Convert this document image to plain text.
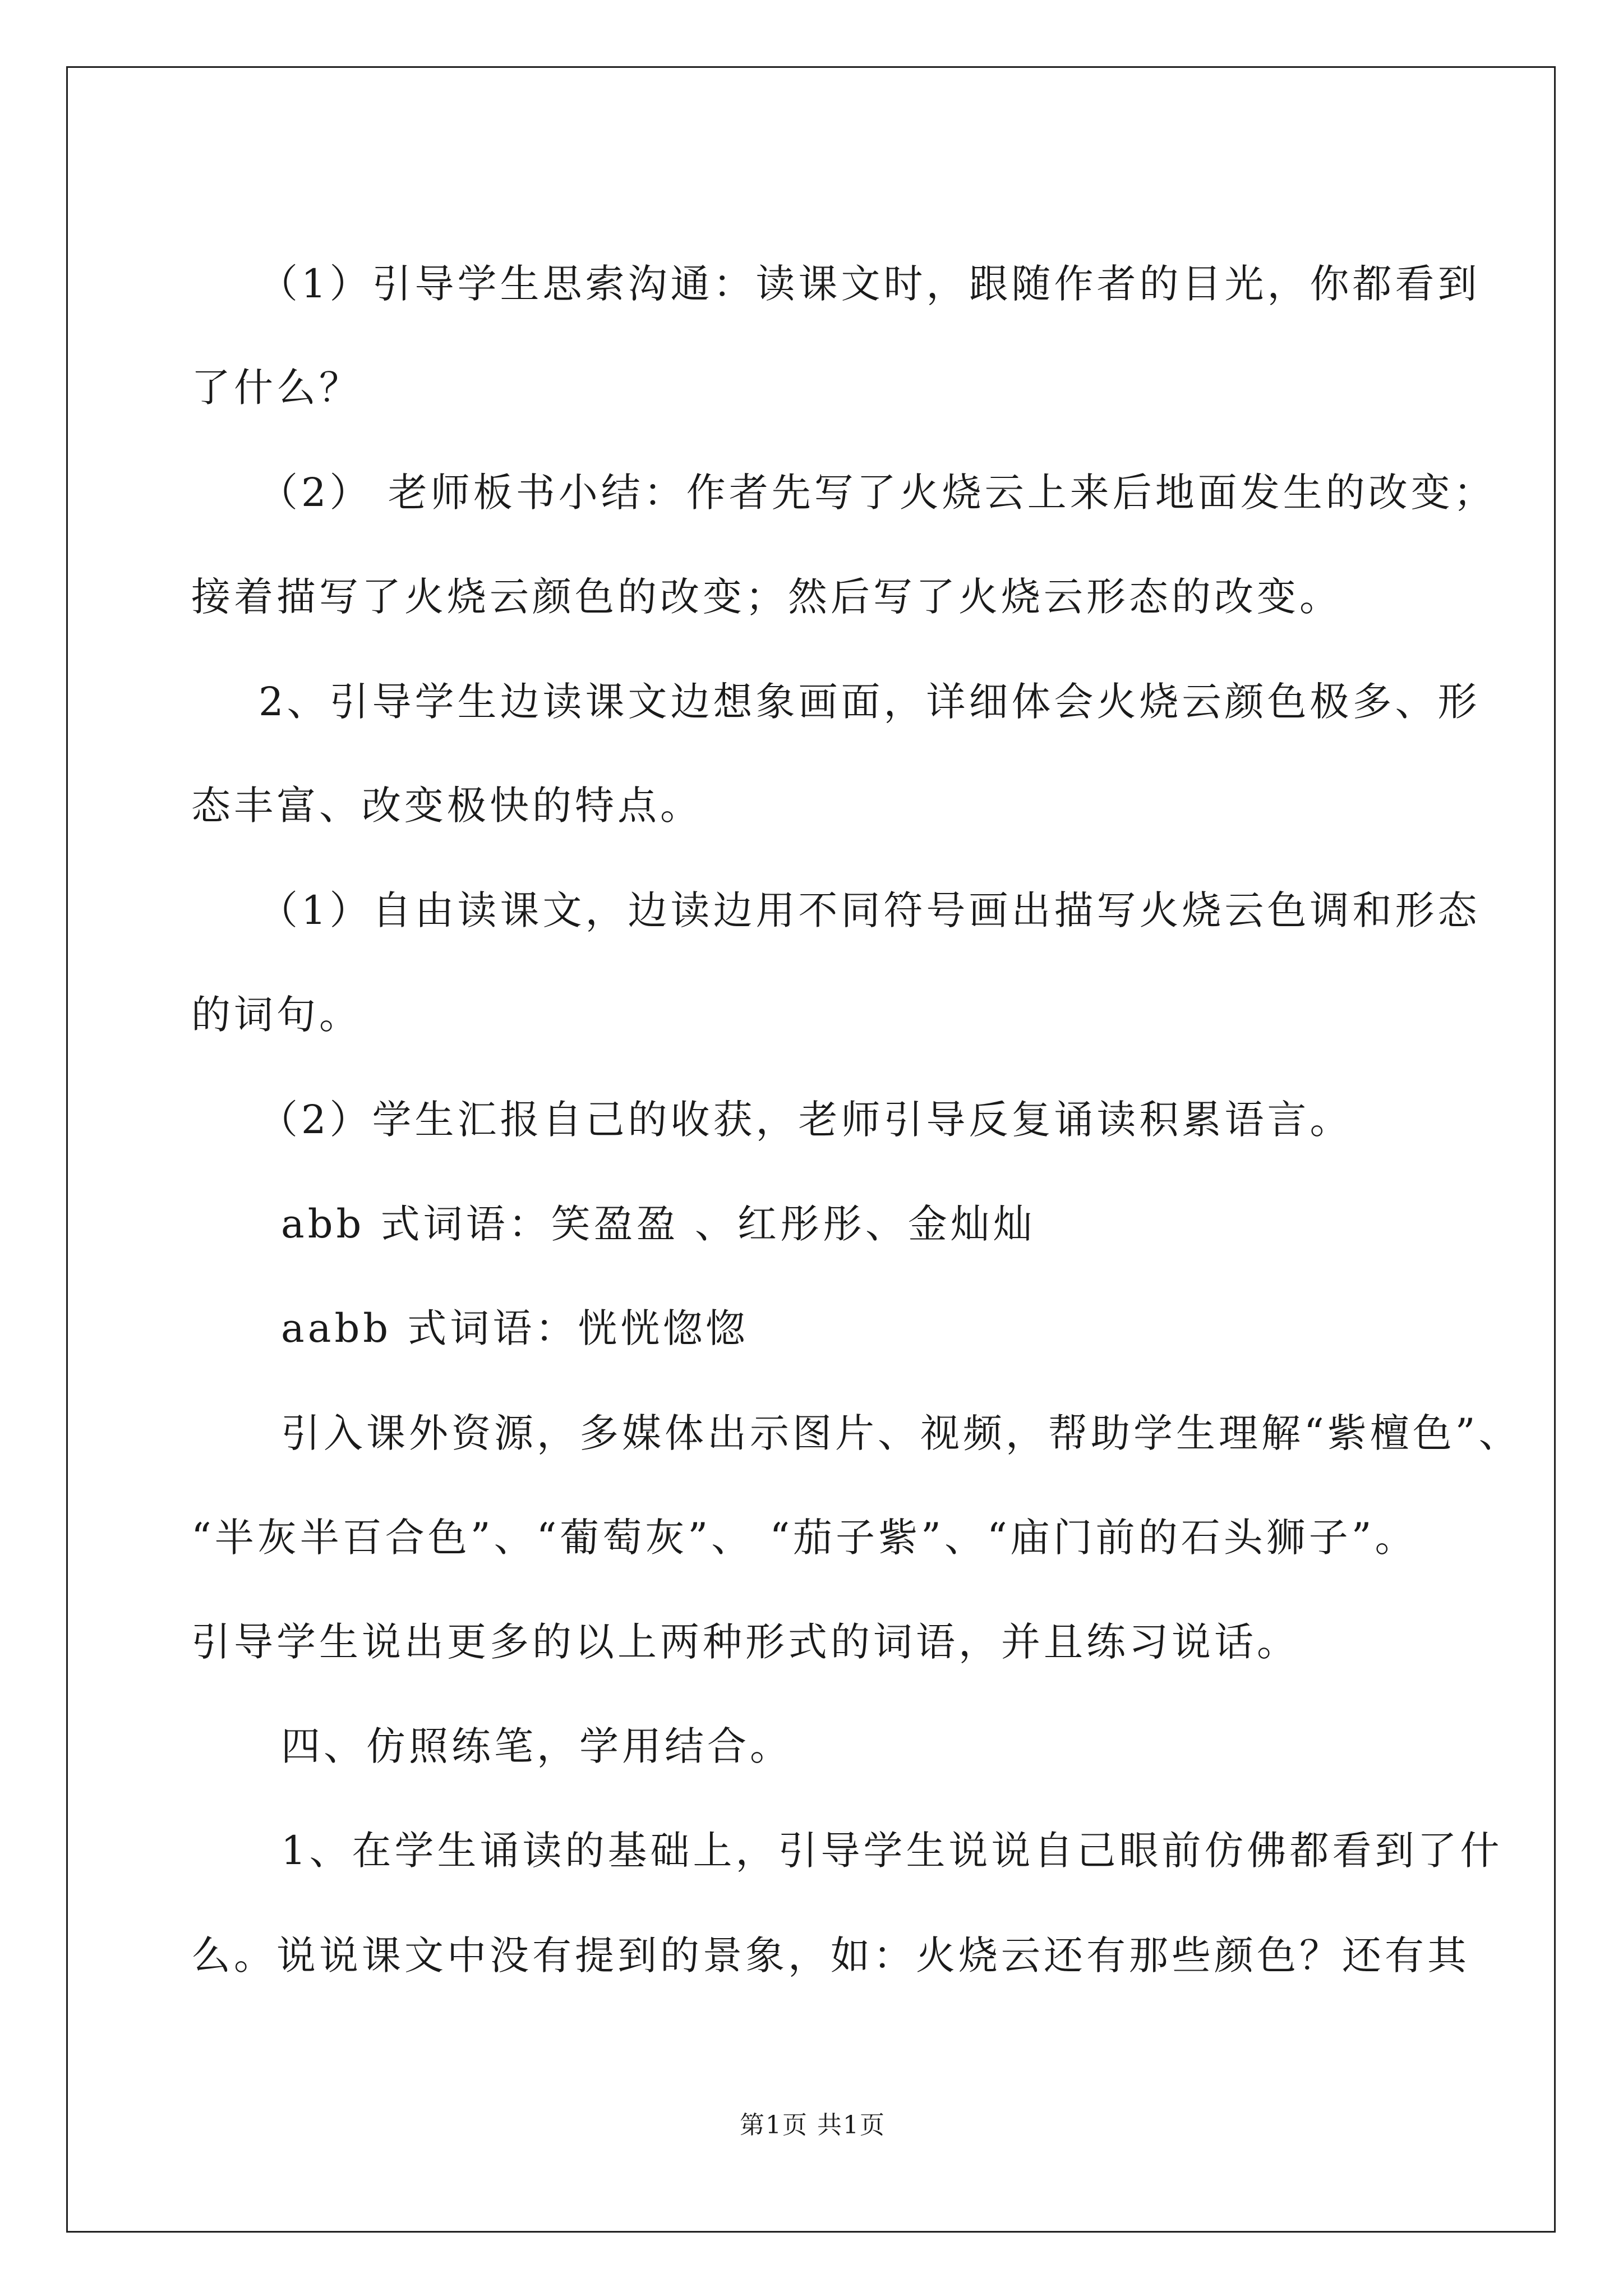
（1）引导学生思索沟通：读课文时，跟随作者的目光，你都看到
了什么？
（2） 老师板书小结：作者先写了火烧云上来后地面发生的改变；
接着描写了火烧云颜色的改变；然后写了火烧云形态的改变。
2、引导学生边读课文边想象画面，详细体会火烧云颜色极多、形
态丰富、改变极快的特点。
（1）自由读课文，边读边用不同符号画出描写火烧云色调和形态
的词句。
（2）学生汇报自己的收获，老师引导反复诵读积累语言。
abb 式词语：笑盈盈 、红彤彤、金灿灿
aabb 式词语：恍恍惚惚
引入课外资源，多媒体出示图片、视频，帮助学生理解“紫檀色”、
“半灰半百合色”、“葡萄灰”、 “茄子紫”、“庙门前的石头狮子”。
引导学生说出更多的以上两种形式的词语，并且练习说话。
四、仿照练笔，学用结合。
1、在学生诵读的基础上，引导学生说说自己眼前仿佛都看到了什
么。说说课文中没有提到的景象，如：火烧云还有那些颜色？还有其
第1页 共1页
